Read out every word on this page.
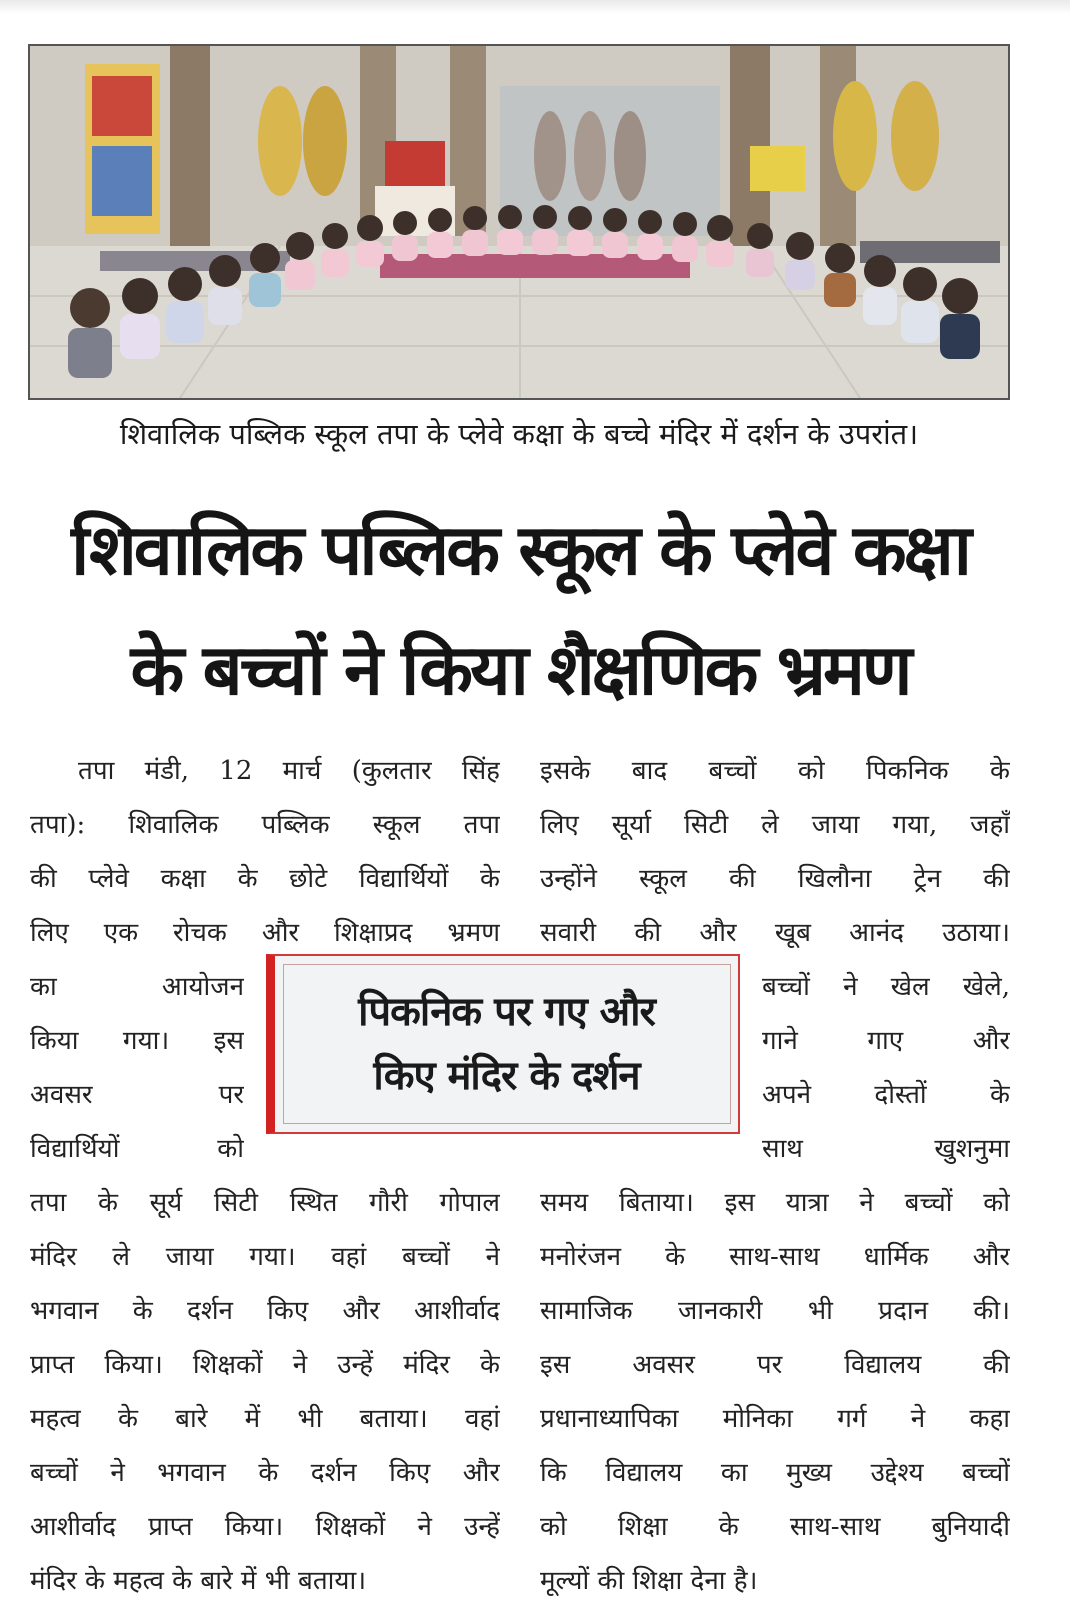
शिवालिक पब्लिक स्कूल तपा के प्लेवे कक्षा के बच्चे मंदिर में दर्शन के उपरांत।
शिवालिक पब्लिक स्कूल के प्लेवे कक्षा
के बच्चों ने किया शैक्षणिक भ्रमण
तपा मंडी, 12 मार्च (कुलतार सिंह
तपा): शिवालिक पब्लिक स्कूल तपा
की प्लेवे कक्षा के छोटे विद्यार्थियों के
लिए एक रोचक और शिक्षाप्रद भ्रमण
का आयोजन
किया गया। इस
अवसर पर
विद्यार्थियों को
तपा के सूर्य सिटी स्थित गौरी गोपाल
मंदिर ले जाया गया। वहां बच्चों ने
भगवान के दर्शन किए और आशीर्वाद
प्राप्त किया। शिक्षकों ने उन्हें मंदिर के
महत्व के बारे में भी बताया। वहां
बच्चों ने भगवान के दर्शन किए और
आशीर्वाद प्राप्त किया। शिक्षकों ने उन्हें
मंदिर के महत्व के बारे में भी बताया।
पिकनिक पर गए और
किए मंदिर के दर्शन
इसके बाद बच्चों को पिकनिक के
लिए सूर्या सिटी ले जाया गया, जहाँ
उन्होंने स्कूल की खिलौना ट्रेन की
सवारी की और खूब आनंद उठाया।
बच्चों ने खेल खेले,
गाने गाए और
अपने दोस्तों के
साथ खुशनुमा
समय बिताया। इस यात्रा ने बच्चों को
मनोरंजन के साथ-साथ धार्मिक और
सामाजिक जानकारी भी प्रदान की।
इस अवसर पर विद्यालय की
प्रधानाध्यापिका मोनिका गर्ग ने कहा
कि विद्यालय का मुख्य उद्देश्य बच्चों
को शिक्षा के साथ-साथ बुनियादी
मूल्यों की शिक्षा देना है।
